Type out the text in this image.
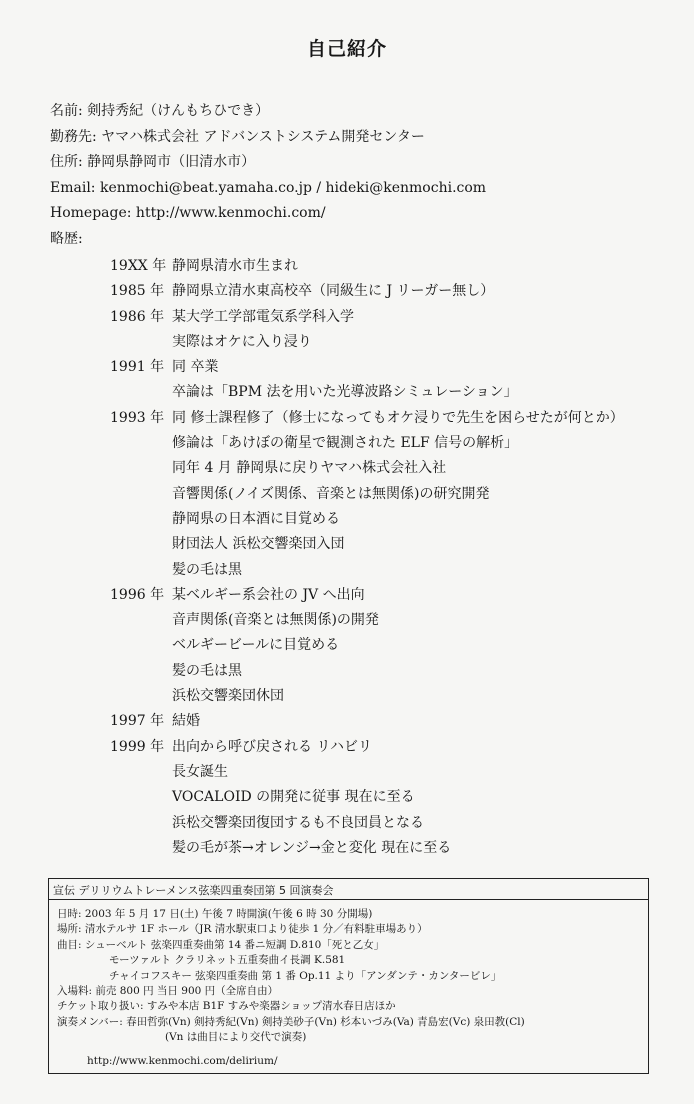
自己紹介
名前: 剣持秀紀（けんもちひでき）
勤務先: ヤマハ株式会社 アドバンストシステム開発センター
住所: 静岡県静岡市（旧清水市）
Email: kenmochi@beat.yamaha.co.jp / hideki@kenmochi.com
Homepage: http://www.kenmochi.com/
略歴:
19XX 年 静岡県清水市生まれ
1985 年 静岡県立清水東高校卒（同級生に J リーガー無し）
1986 年 某大学工学部電気系学科入学
実際はオケに入り浸り
1991 年 同 卒業
卒論は「BPM 法を用いた光導波路シミュレーション」
1993 年 同 修士課程修了（修士になってもオケ浸りで先生を困らせたが何とか）
修論は「あけぼの衛星で観測された ELF 信号の解析」
同年 4 月 静岡県に戻りヤマハ株式会社入社
音響関係(ノイズ関係、音楽とは無関係)の研究開発
静岡県の日本酒に目覚める
財団法人 浜松交響楽団入団
髪の毛は黒
1996 年 某ベルギー系会社の JV へ出向
音声関係(音楽とは無関係)の開発
ベルギービールに目覚める
髪の毛は黒
浜松交響楽団休団
1997 年 結婚
1999 年 出向から呼び戻される リハビリ
長女誕生
VOCALOID の開発に従事 現在に至る
浜松交響楽団復団するも不良団員となる
髪の毛が茶→オレンジ→金と変化 現在に至る
宣伝 デリリウムトレーメンス弦楽四重奏団第 5 回演奏会
日時: 2003 年 5 月 17 日(土) 午後 7 時開演(午後 6 時 30 分開場)
場所: 清水テルサ 1F ホール（JR 清水駅東口より徒歩 1 分／有料駐車場あり）
曲目: シューベルト 弦楽四重奏曲第 14 番ニ短調 D.810「死と乙女」
モーツァルト クラリネット五重奏曲イ長調 K.581
チャイコフスキー 弦楽四重奏曲 第 1 番 Op.11 より「アンダンテ・カンタービレ」
入場料: 前売 800 円 当日 900 円（全席自由）
チケット取り扱い: すみや本店 B1F すみや楽器ショップ清水春日店ほか
演奏メンバー: 春田哲弥(Vn) 剣持秀紀(Vn) 剣持美砂子(Vn) 杉本いづみ(Va) 青島宏(Vc) 泉田教(Cl)
(Vn は曲目により交代で演奏)
http://www.kenmochi.com/delirium/
